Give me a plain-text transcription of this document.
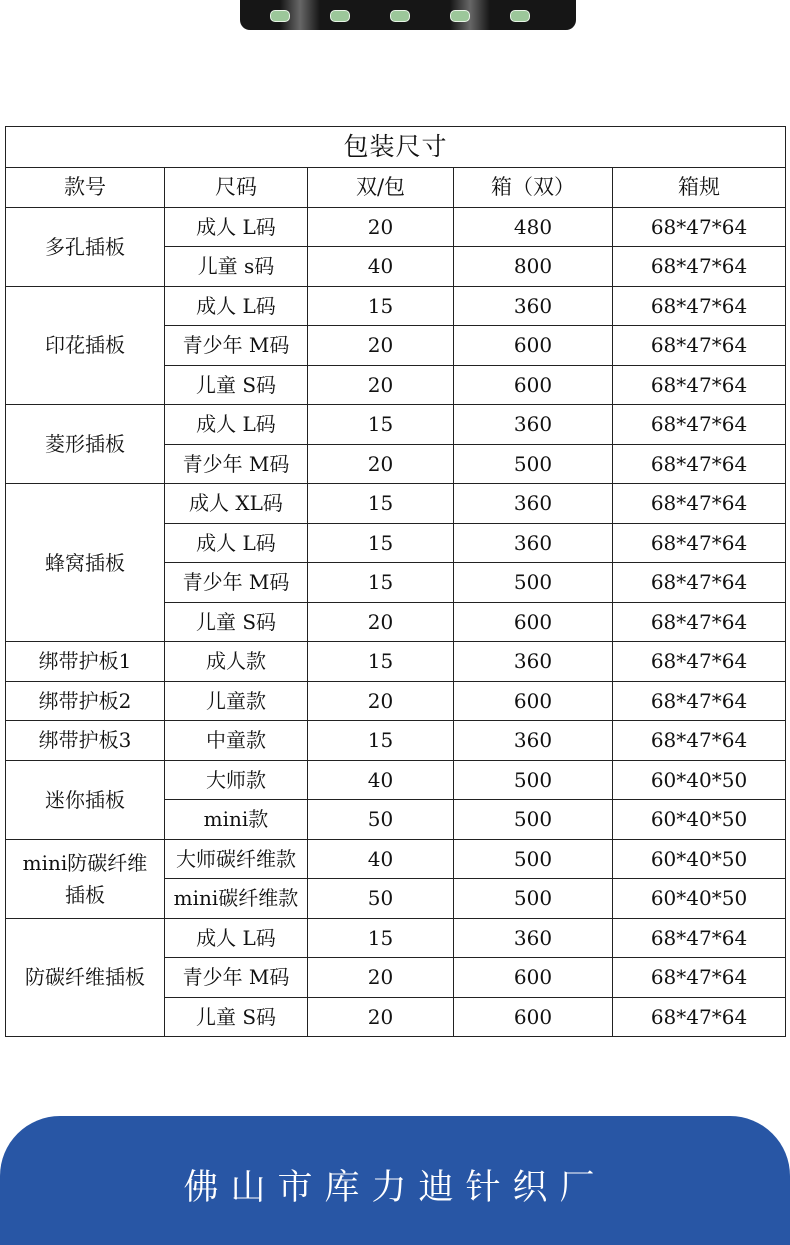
包装尺寸				
款号	尺码	双/包	箱（双）	箱规
多孔插板	成人 L码	20	480	68*47*64
	儿童 s码	40	800	68*47*64
印花插板	成人 L码	15	360	68*47*64
	青少年 M码	20	600	68*47*64
	儿童 S码	20	600	68*47*64
菱形插板	成人 L码	15	360	68*47*64
	青少年 M码	20	500	68*47*64
蜂窝插板	成人 XL码	15	360	68*47*64
	成人 L码	15	360	68*47*64
	青少年 M码	15	500	68*47*64
	儿童 S码	20	600	68*47*64
绑带护板1	成人款	15	360	68*47*64
绑带护板2	儿童款	20	600	68*47*64
绑带护板3	中童款	15	360	68*47*64
迷你插板	大师款	40	500	60*40*50
	mini款	50	500	60*40*50

mini防碳纤维
插板	大师碳纤维款	40	500	60*40*50
	mini碳纤维款	50	500	60*40*50
防碳纤维插板	成人 L码	15	360	68*47*64
	青少年 M码	20	600	68*47*64
	儿童 S码	20	600	68*47*64
佛山市库力迪针织厂
